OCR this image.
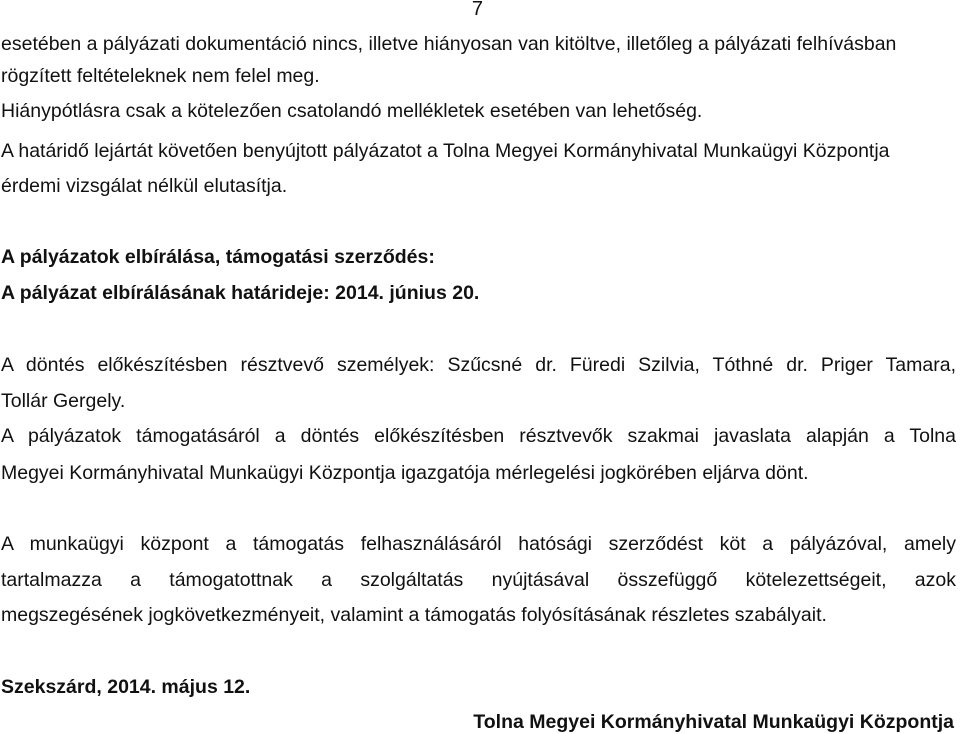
7
esetében a pályázati dokumentáció nincs, illetve hiányosan van kitöltve, illetőleg a pályázati felhívásban
rögzített feltételeknek nem felel meg.
Hiánypótlásra csak a kötelezően csatolandó mellékletek esetében van lehetőség.
A határidő lejártát követően benyújtott pályázatot a Tolna Megyei Kormányhivatal Munkaügyi Központja
érdemi vizsgálat nélkül elutasítja.
A pályázatok elbírálása, támogatási szerződés:
A pályázat elbírálásának határideje: 2014. június 20.
A döntés előkészítésben résztvevő személyek: Szűcsné dr. Füredi Szilvia, Tóthné dr. Priger Tamara,
Tollár Gergely.
A pályázatok támogatásáról a döntés előkészítésben résztvevők szakmai javaslata alapján a Tolna
Megyei Kormányhivatal Munkaügyi Központja igazgatója mérlegelési jogkörében eljárva dönt.
A munkaügyi központ a támogatás felhasználásáról hatósági szerződést köt a pályázóval, amely
tartalmazza a támogatottnak a szolgáltatás nyújtásával összefüggő kötelezettségeit, azok
megszegésének jogkövetkezményeit, valamint a támogatás folyósításának részletes szabályait.
Szekszárd, 2014. május 12.
Tolna Megyei Kormányhivatal Munkaügyi Központja
